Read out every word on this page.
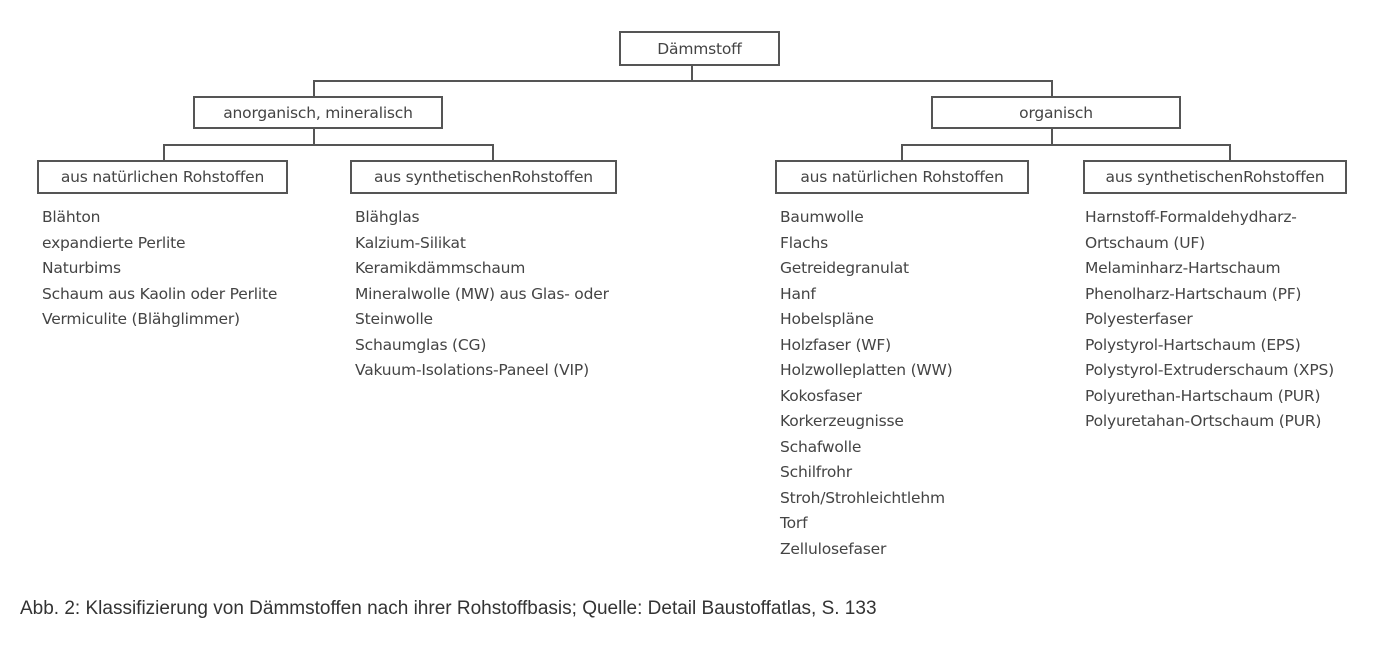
Dämmstoff
anorganisch, mineralisch	organisch
aus natürlichen Rohstoffen	aus synthetischenRohstoffen	aus natürlichen Rohstoffen	aus synthetischenRohstoffen
Blähton
expandierte Perlite
Naturbims
Schaum aus Kaolin oder Perlite
Vermiculite (Blähglimmer)
Blähglas
Kalzium-Silikat
Keramikdämmschaum
Mineralwolle (MW) aus Glas- oder
Steinwolle
Schaumglas (CG)
Vakuum-Isolations-Paneel (VIP)
Baumwolle
Flachs
Getreidegranulat
Hanf
Hobelspläne
Holzfaser (WF)
Holzwolleplatten (WW)
Kokosfaser
Korkerzeugnisse
Schafwolle
Schilfrohr
Stroh/Strohleichtlehm
Torf
Zellulosefaser
Harnstoff-Formaldehydharz-
Ortschaum (UF)
Melaminharz-Hartschaum
Phenolharz-Hartschaum (PF)
Polyesterfaser
Polystyrol-Hartschaum (EPS)
Polystyrol-Extruderschaum (XPS)
Polyurethan-Hartschaum (PUR)
Polyuretahan-Ortschaum (PUR)
Abb. 2: Klassifizierung von Dämmstoffen nach ihrer Rohstoffbasis; Quelle: Detail Baustoffatlas, S. 133
